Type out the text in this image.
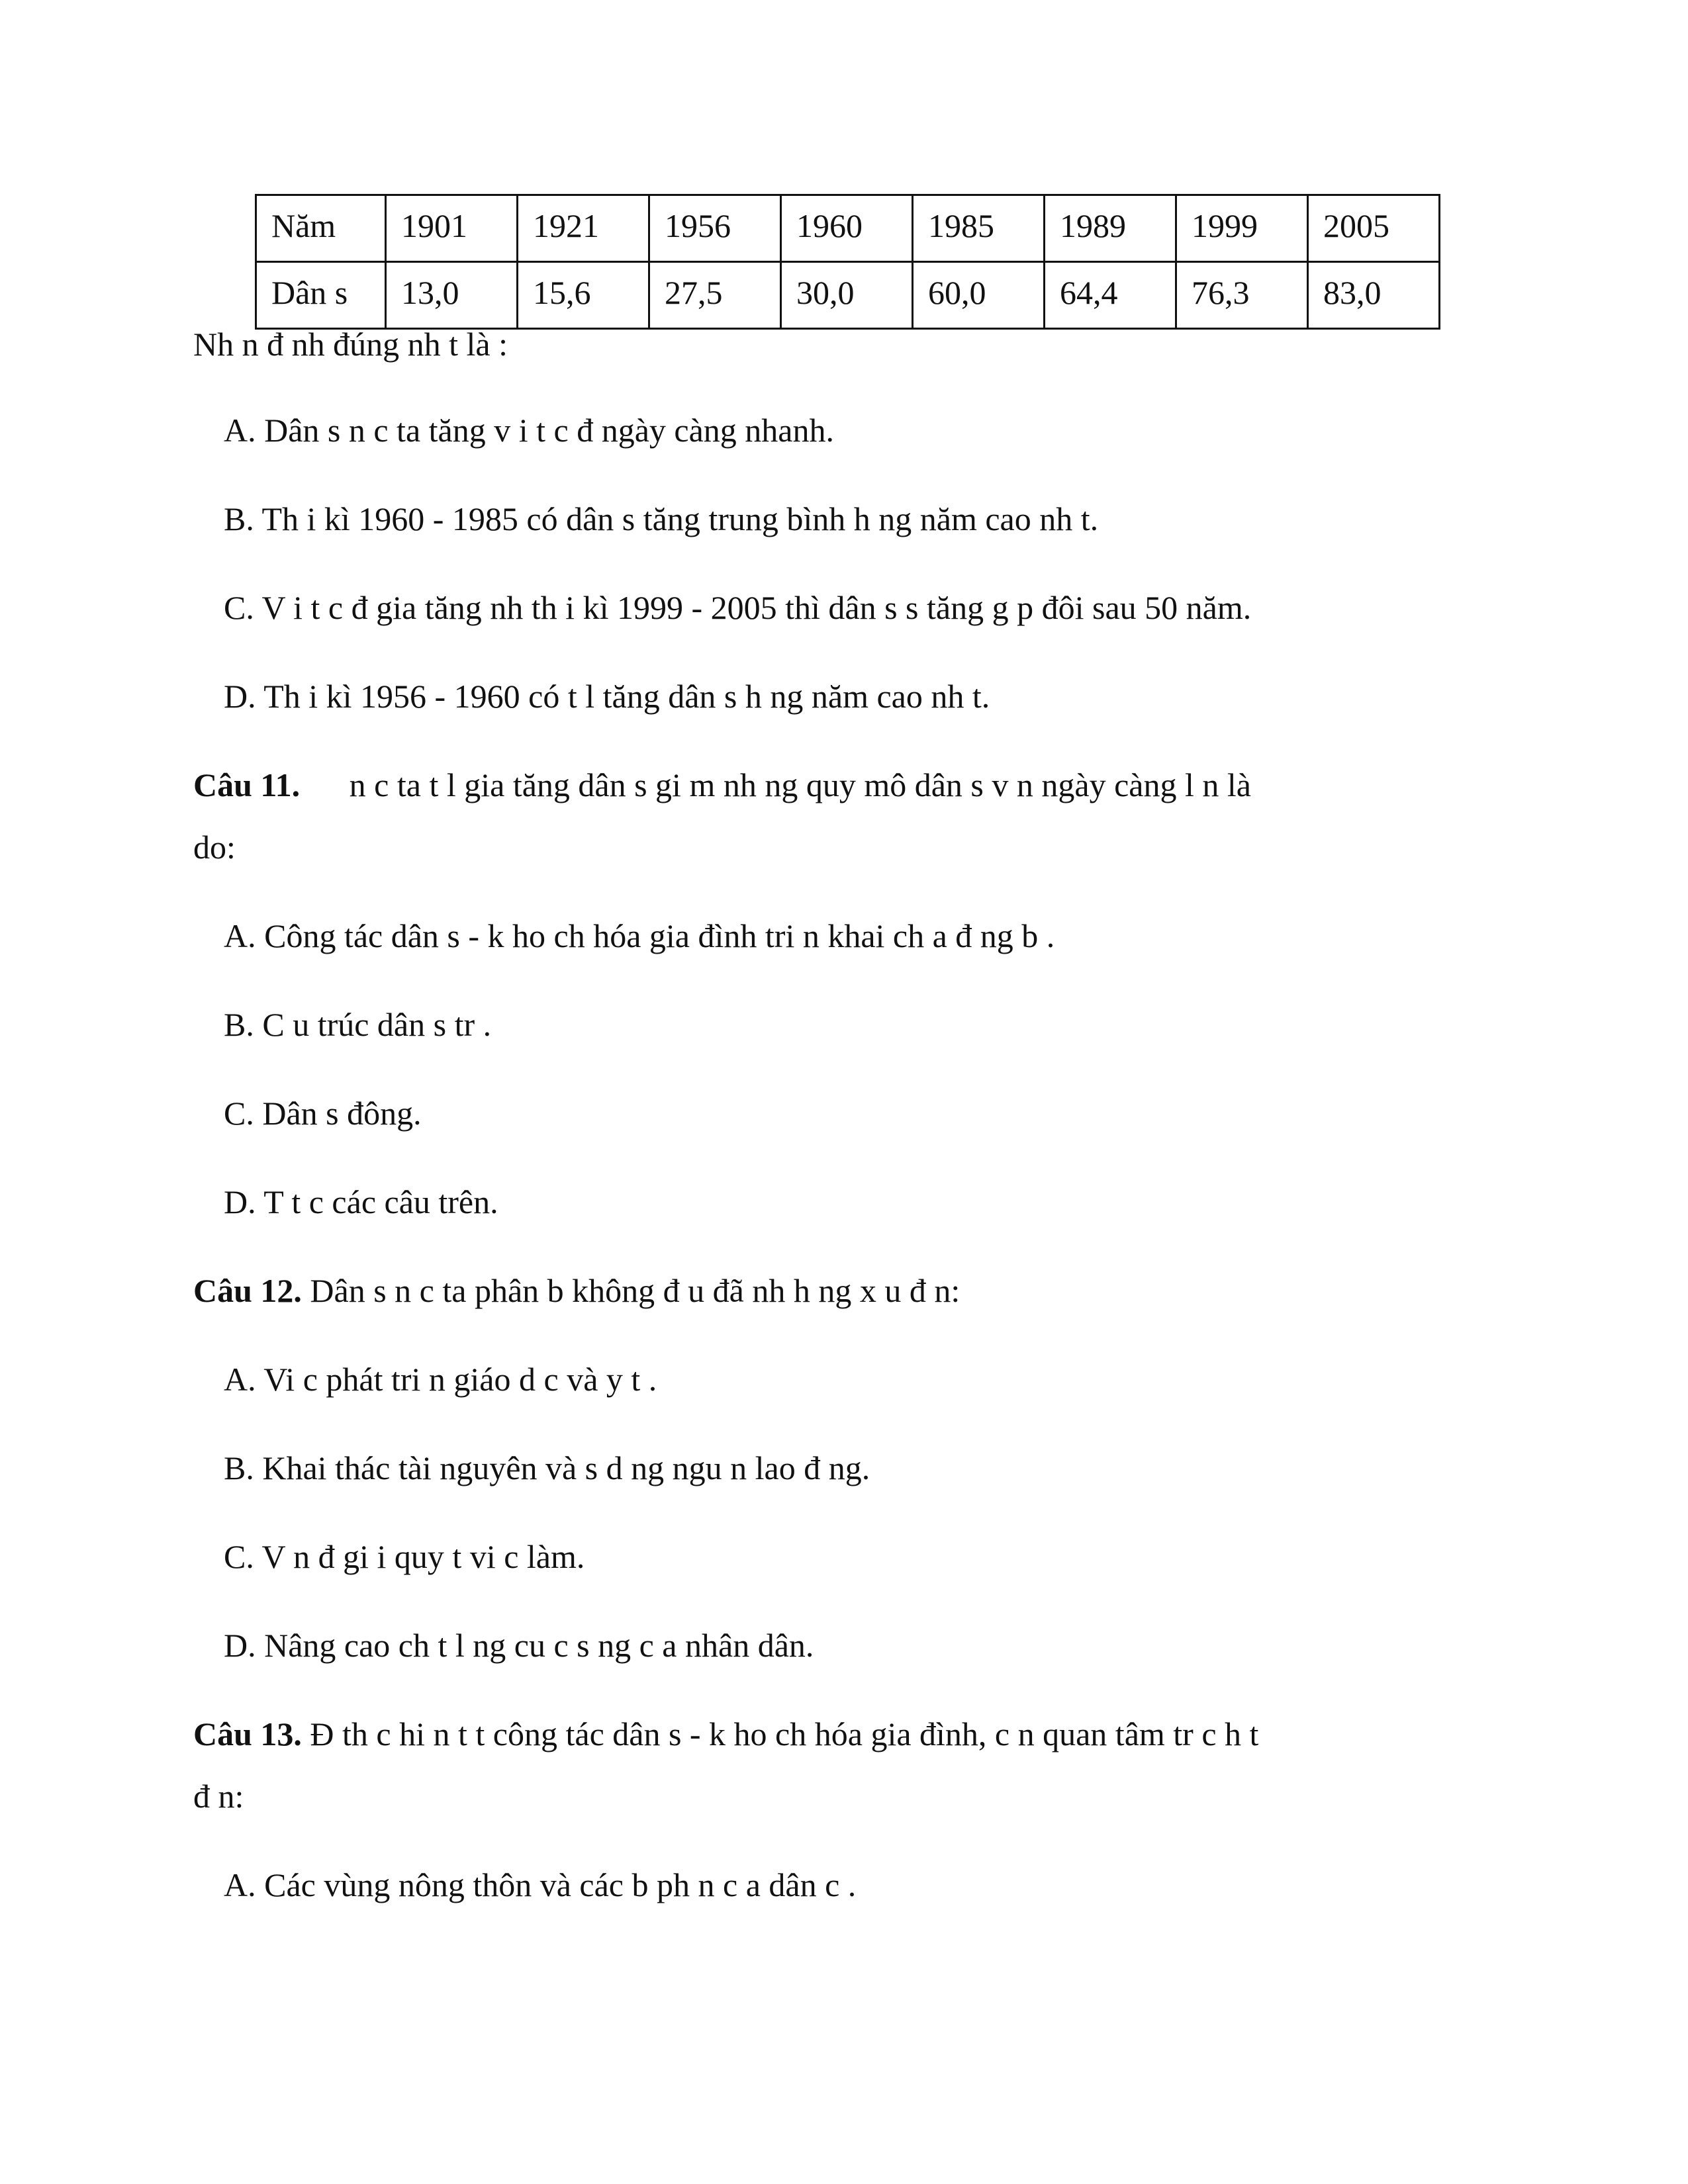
Năm	1901	1921	1956	1960	1985	1989	1999	2005
Dân s	13,0	15,6	27,5	30,0	60,0	64,4	76,3	83,0
Nh n đ nh đúng nh t là :
A. Dân s n c ta tăng v i t c đ ngày càng nhanh.
B. Th i kì 1960 - 1985 có dân s tăng trung bình h ng năm cao nh t.
C. V i t c đ gia tăng nh th i kì 1999 - 2005 thì dân s s tăng g p đôi sau 50 năm.
D. Th i kì 1956 - 1960 có t l tăng dân s h ng năm cao nh t.
Câu 11. n c ta t l gia tăng dân s gi m nh ng quy mô dân s v n ngày càng l n là
do:
A. Công tác dân s - k ho ch hóa gia đình tri n khai ch a đ ng b .
B. C u trúc dân s tr .
C. Dân s đông.
D. T t c các câu trên.
Câu 12. Dân s n c ta phân b không đ u đã nh h ng x u đ n:
A. Vi c phát tri n giáo d c và y t .
B. Khai thác tài nguyên và s d ng ngu n lao đ ng.
C. V n đ gi i quy t vi c làm.
D. Nâng cao ch t l ng cu c s ng c a nhân dân.
Câu 13. Đ th c hi n t t công tác dân s - k ho ch hóa gia đình, c n quan tâm tr c h t
đ n:
A. Các vùng nông thôn và các b ph n c a dân c .
